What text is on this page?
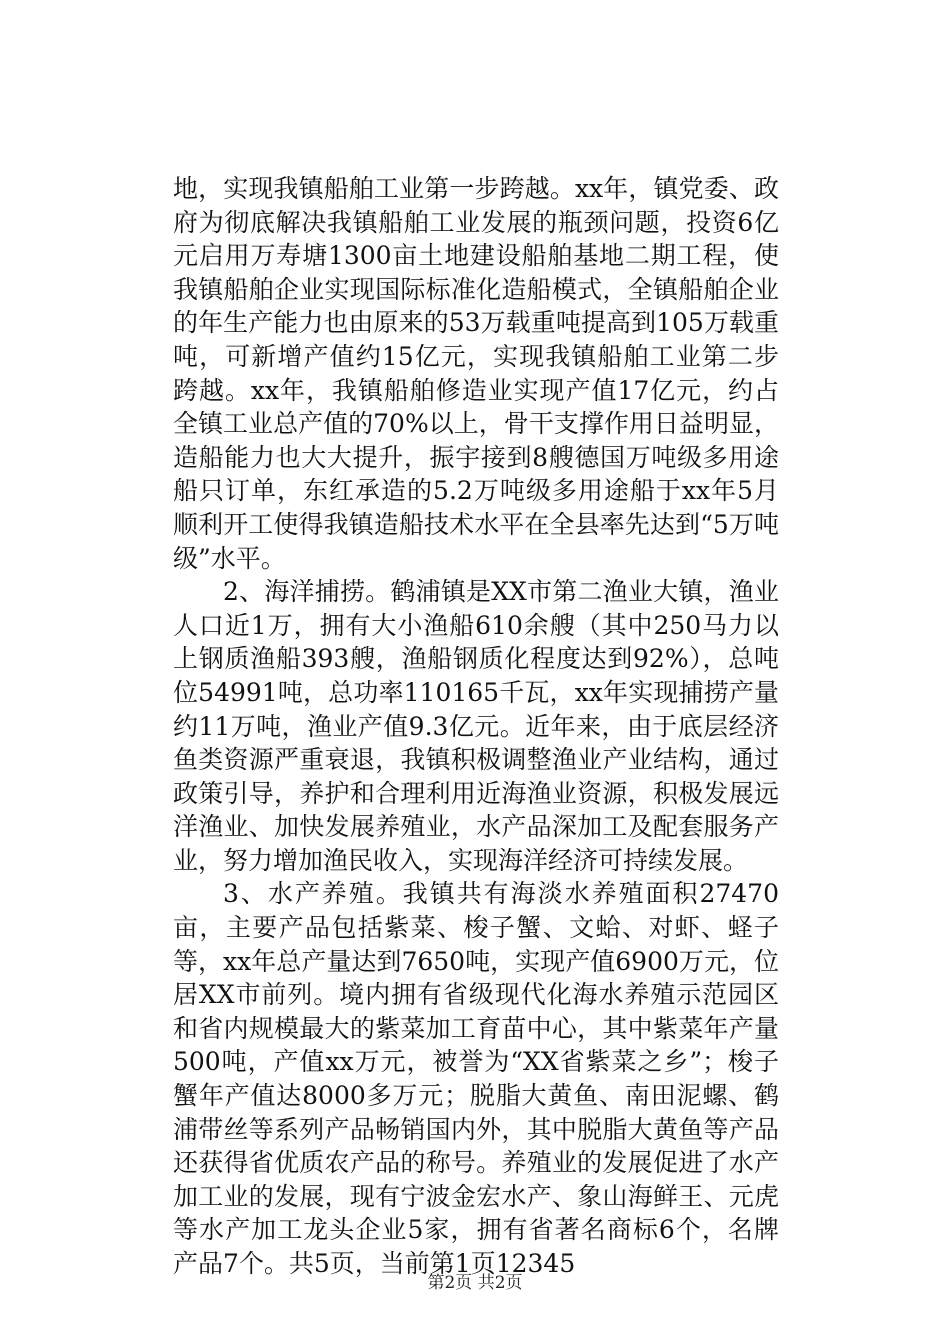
地，实现我镇船舶工业第一步跨越。xx年，镇党委、政府为彻底解决我镇船舶工业发展的瓶颈问题，投资6亿元启用万寿塘1300亩土地建设船舶基地二期工程，使我镇船舶企业实现国际标准化造船模式，全镇船舶企业的年生产能力也由原来的53万载重吨提高到105万载重吨，可新增产值约15亿元，实现我镇船舶工业第二步跨越。xx年，我镇船舶修造业实现产值17亿元，约占全镇工业总产值的70%以上，骨干支撑作用日益明显，造船能力也大大提升，振宇接到8艘德国万吨级多用途船只订单，东红承造的5.2万吨级多用途船于xx年5月顺利开工使得我镇造船技术水平在全县率先达到“5万吨级”水平。

2、海洋捕捞。鹤浦镇是XX市第二渔业大镇，渔业人口近1万，拥有大小渔船610余艘（其中250马力以上钢质渔船393艘，渔船钢质化程度达到92%），总吨位54991吨，总功率110165千瓦，xx年实现捕捞产量约11万吨，渔业产值9.3亿元。近年来，由于底层经济鱼类资源严重衰退，我镇积极调整渔业产业结构，通过政策引导，养护和合理利用近海渔业资源，积极发展远洋渔业、加快发展养殖业，水产品深加工及配套服务产业，努力增加渔民收入，实现海洋经济可持续发展。

3、水产养殖。我镇共有海淡水养殖面积27470亩，主要产品包括紫菜、梭子蟹、文蛤、对虾、蛏子等，xx年总产量达到7650吨，实现产值6900万元，位居XX市前列。境内拥有省级现代化海水养殖示范园区和省内规模最大的紫菜加工育苗中心，其中紫菜年产量500吨，产值xx万元，被誉为“XX省紫菜之乡”；梭子蟹年产值达8000多万元；脱脂大黄鱼、南田泥螺、鹤浦带丝等系列产品畅销国内外，其中脱脂大黄鱼等产品还获得省优质农产品的称号。养殖业的发展促进了水产加工业的发展，现有宁波金宏水产、象山海鲜王、元虎等水产加工龙头企业5家，拥有省著名商标6个，名牌产品7个。共5页，当前第1页12345

第2页 共2页
